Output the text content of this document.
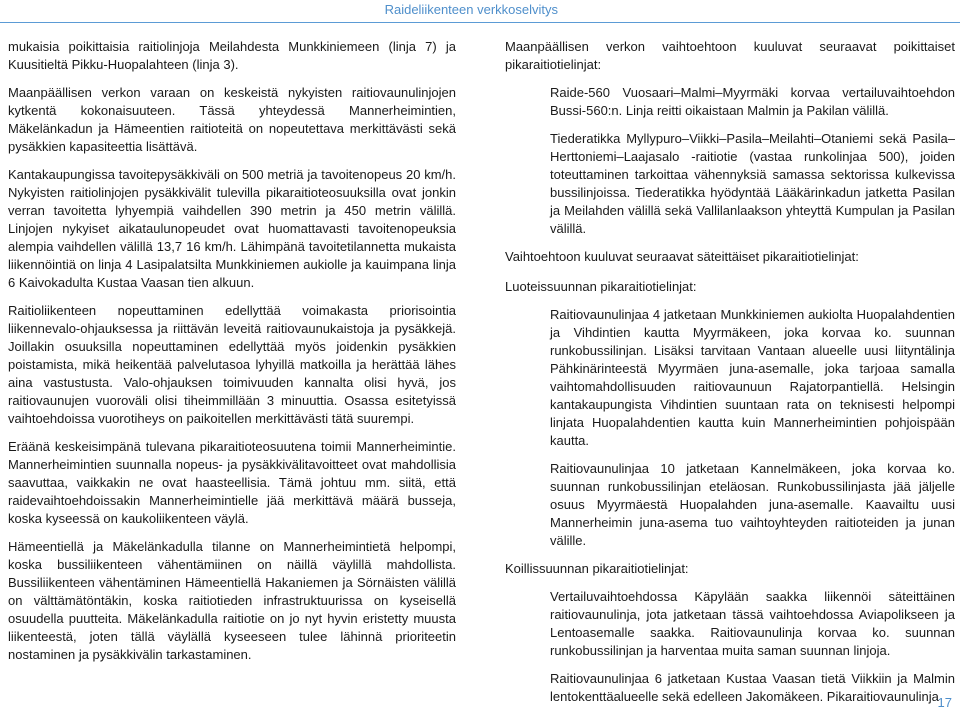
Raideliikenteen verkkoselvitys

mukaisia poikittaisia raitiolinjoja Meilahdesta Munkkiniemeen (linja 7) ja Kuusitieltä Pikku-Huopalahteen (linja 3).

Maanpäällisen verkon varaan on keskeistä nykyisten raitiovaunulinjojen kytkentä kokonaisuuteen. Tässä yhteydessä Mannerheimintien, Mäkelänkadun ja Hämeentien raitioteitä on nopeutettava merkittävästi sekä pysäkkien kapasiteettia lisättävä.

Kantakaupungissa tavoitepysäkkiväli on 500 metriä ja tavoitenopeus 20 km/h. Nykyisten raitiolinjojen pysäkkivälit tulevilla pikaraitioteosuuksilla ovat jonkin verran tavoitetta lyhyempiä vaihdellen 390 metrin ja 450 metrin välillä. Linjojen nykyiset aikataulunopeudet ovat huomattavasti tavoitenopeuksia alempia vaihdellen välillä 13,7 16 km/h. Lähimpänä tavoitetilannetta mukaista liikennöintiä on linja 4 Lasipalatsilta Munkkiniemen aukiolle ja kauimpana linja 6 Kaivokadulta Kustaa Vaasan tien alkuun.

Raitioliikenteen nopeuttaminen edellyttää voimakasta priorisointia liikennevalo-ohjauksessa ja riittävän leveitä raitiovaunukaistoja ja pysäkkejä. Joillakin osuuksilla nopeuttaminen edellyttää myös joidenkin pysäkkien poistamista, mikä heikentää palvelutasoa lyhyillä matkoilla ja herättää lähes aina vastustusta. Valo-ohjauksen toimivuuden kannalta olisi hyvä, jos raitiovaunujen vuoroväli olisi tiheimmillään 3 minuuttia. Osassa esitetyissä vaihtoehdoissa vuorotiheys on paikoitellen merkittävästi tätä suurempi.

Eräänä keskeisimpänä tulevana pikaraitioteosuutena toimii Mannerheimintie. Mannerheimintien suunnalla nopeus- ja pysäkkivälitavoitteet ovat mahdollisia saavuttaa, vaikkakin ne ovat haasteellisia. Tämä johtuu mm. siitä, että raidevaihtoehdoissakin Mannerheimintielle jää merkittävä määrä busseja, koska kyseessä on kaukoliikenteen väylä.

Hämeentiellä ja Mäkelänkadulla tilanne on Mannerheimintietä helpompi, koska bussiliikenteen vähentämiinen on näillä väylillä mahdollista. Bussiliikenteen vähentäminen Hämeentiellä Hakaniemen ja Sörnäisten välillä on välttämätöntäkin, koska raitiotieden infrastruktuurissa on kyseisellä osuudella puutteita. Mäkelänkadulla raitiotie on jo nyt hyvin eristetty muusta liikenteestä, joten tällä väylällä kyseeseen tulee lähinnä prioriteetin nostaminen ja pysäkkivälin tarkastaminen.

Maanpäällisen verkon vaihtoehtoon kuuluvat seuraavat poikittaiset pikaraitiotielinjat:

Raide-560 Vuosaari–Malmi–Myyrmäki korvaa vertailuvaihtoehdon Bussi-560:n. Linja reitti oikaistaan Malmin ja Pakilan välillä.

Tiederatikka Myllypuro–Viikki–Pasila–Meilahti–Otaniemi sekä Pasila–Herttoniemi–Laajasalo -raitiotie (vastaa runkolinjaa 500), joiden toteuttaminen tarkoittaa vähennyksiä samassa sektorissa kulkevissa bussilinjoissa. Tiederatikka hyödyntää Lääkärinkadun jatketta Pasilan ja Meilahden välillä sekä Vallilanlaakson yhteyttä Kumpulan ja Pasilan välillä.

Vaihtoehtoon kuuluvat seuraavat säteittäiset pikaraitiotielinjat:

Luoteissuunnan pikaraitiotielinjat:

Raitiovaunulinjaa 4 jatketaan Munkkiniemen aukiolta Huopalahdentien ja Vihdintien kautta Myyrmäkeen, joka korvaa ko. suunnan runkobussilinjan. Lisäksi tarvitaan Vantaan alueelle uusi liityntälinja Pähkinärinteestä Myyrmäen juna-asemalle, joka tarjoaa samalla vaihtomahdollisuuden raitiovaunuun Rajatorpantiellä. Helsingin kantakaupungista Vihdintien suuntaan rata on teknisesti helpompi linjata Huopalahdentien kautta kuin Mannerheimintien pohjoispään kautta.

Raitiovaunulinjaa 10 jatketaan Kannelmäkeen, joka korvaa ko. suunnan runkobussilinjan eteläosan. Runkobussilinjasta jää jäljelle osuus Myyrmäestä Huopalahden juna-asemalle. Kaavailtu uusi Mannerheimin juna-asema tuo vaihtoyhteyden raitioteiden ja junan välille.

Koillissuunnan pikaraitiotielinjat:

Vertailuvaihtoehdossa Käpylään saakka liikennöi säteittäinen raitiovaunulinja, jota jatketaan tässä vaihtoehdossa Aviapolikseen ja Lentoasemalle saakka. Raitiovaunulinja korvaa ko. suunnan runkobussilinjan ja harventaa muita saman suunnan linjoja.

Raitiovaunulinjaa 6 jatketaan Kustaa Vaasan tietä Viikkiin ja Malmin lentokenttäalueelle sekä edelleen Jakomäkeen. Pikaraitiovaunulinja

17
